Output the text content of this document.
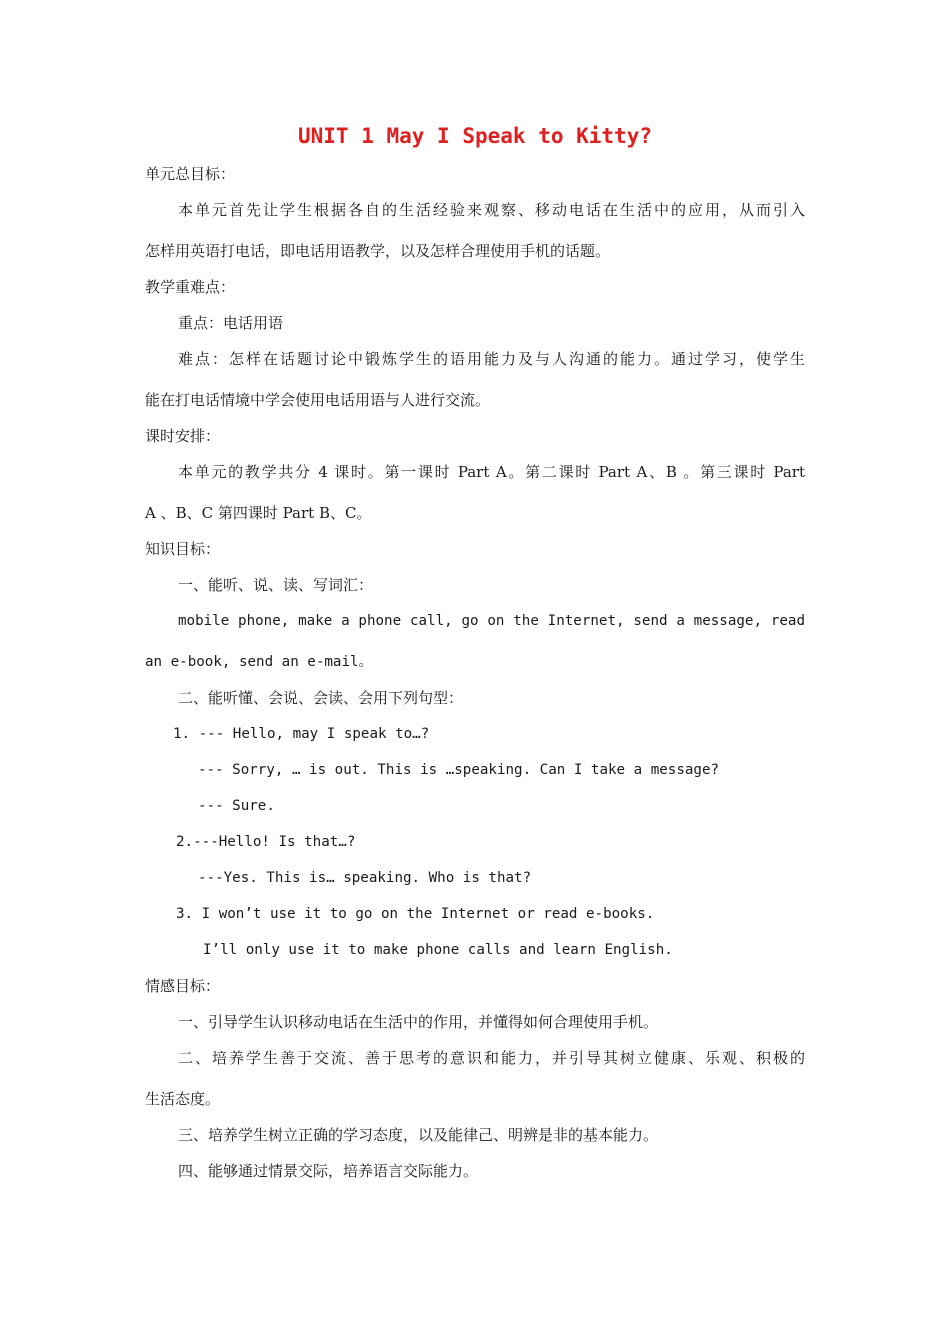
UNIT 1 May I Speak to Kitty?
单元总目标：
本单元首先让学生根据各自的生活经验来观察、移动电话在生活中的应用，从而引入
怎样用英语打电话，即电话用语教学，以及怎样合理使用手机的话题。
教学重难点：
重点：电话用语
难点：怎样在话题讨论中锻炼学生的语用能力及与人沟通的能力。通过学习，使学生
能在打电话情境中学会使用电话用语与人进行交流。
课时安排：
本单元的教学共分 4 课时。第一课时 Part A。第二课时 Part A、B 。第三课时 Part
A 、B、C 第四课时 Part B、C。
知识目标：
一、能听、说、读、写词汇：
mobile phone, make a phone call, go on the Internet, send a message, read
an e-book, send an e-mail。
二、能听懂、会说、会读、会用下列句型：
1. --- Hello, may I speak to…?
--- Sorry, … is out. This is …speaking. Can I take a message?
--- Sure.
2.---Hello! Is that…?
---Yes. This is… speaking. Who is that?
3. I won’t use it to go on the Internet or read e-books.
I’ll only use it to make phone calls and learn English.
情感目标：
一、引导学生认识移动电话在生活中的作用，并懂得如何合理使用手机。
二、培养学生善于交流、善于思考的意识和能力，并引导其树立健康、乐观、积极的
生活态度。
三、培养学生树立正确的学习态度，以及能律己、明辨是非的基本能力。
四、能够通过情景交际，培养语言交际能力。
